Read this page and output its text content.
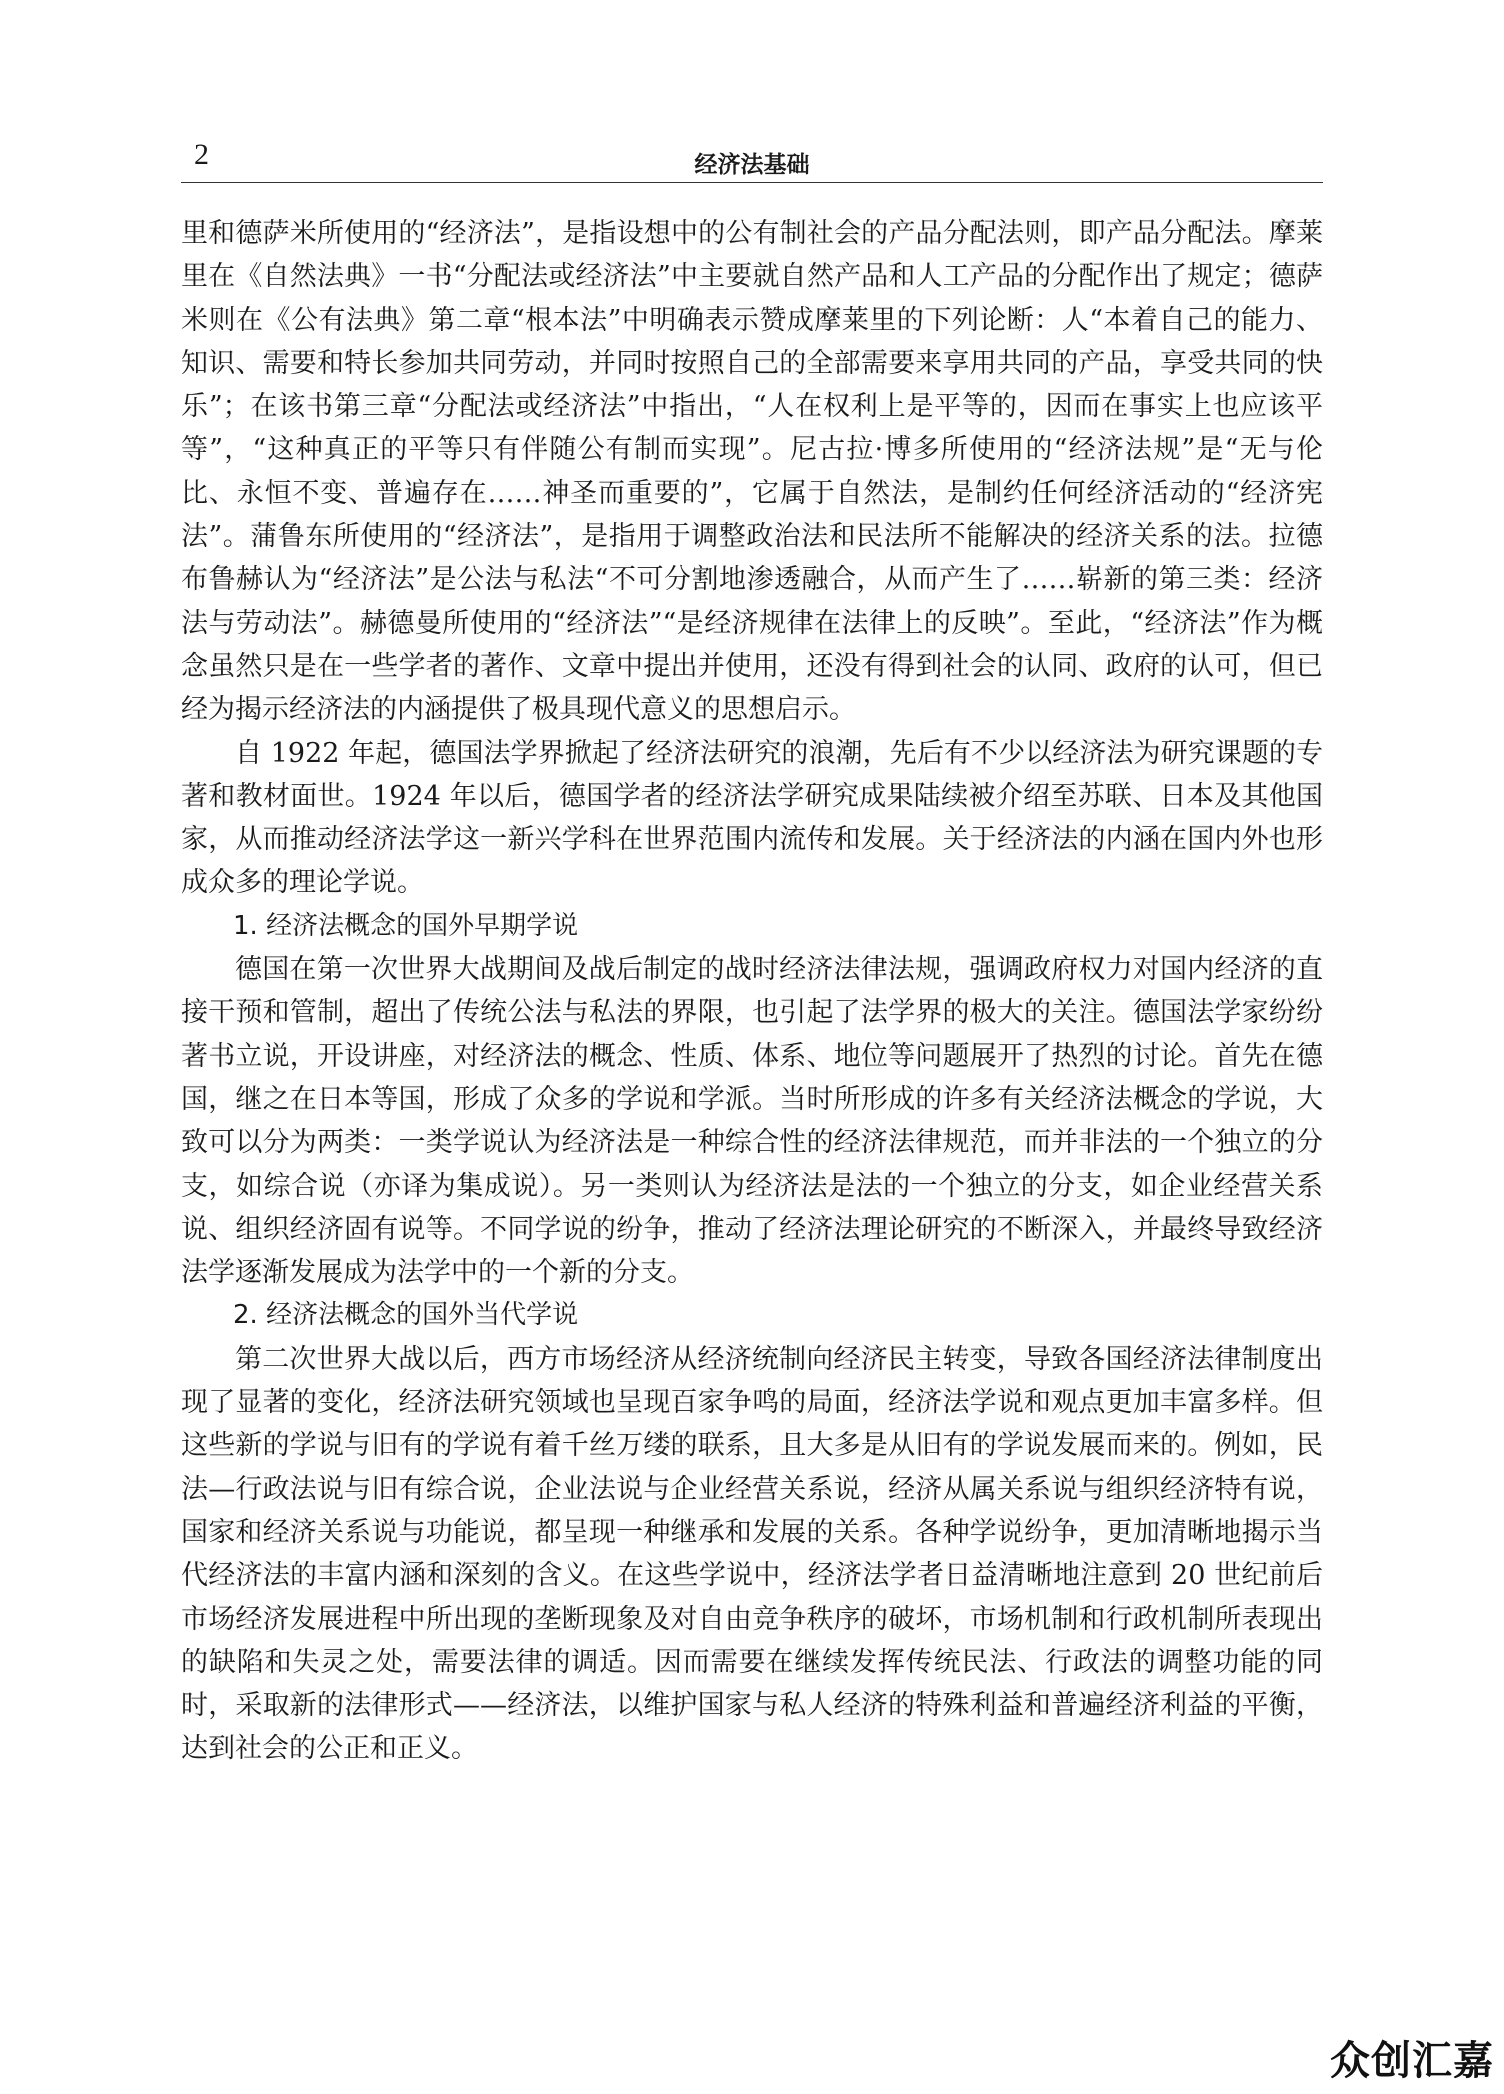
2	经济法基础

里和德萨米所使用的“经济法”，是指设想中的公有制社会的产品分配法则，即产品分配法。摩莱里在《自然法典》一书“分配法或经济法”中主要就自然产品和人工产品的分配作出了规定；德萨米则在《公有法典》第二章“根本法”中明确表示赞成摩莱里的下列论断：人“本着自己的能力、知识、需要和特长参加共同劳动，并同时按照自己的全部需要来享用共同的产品，享受共同的快乐”；在该书第三章“分配法或经济法”中指出，“人在权利上是平等的，因而在事实上也应该平等”，“这种真正的平等只有伴随公有制而实现”。尼古拉·博多所使用的“经济法规”是“无与伦比、永恒不变、普遍存在……神圣而重要的”，它属于自然法，是制约任何经济活动的“经济宪法”。蒲鲁东所使用的“经济法”，是指用于调整政治法和民法所不能解决的经济关系的法。拉德布鲁赫认为“经济法”是公法与私法“不可分割地渗透融合，从而产生了……崭新的第三类：经济法与劳动法”。赫德曼所使用的“经济法”“是经济规律在法律上的反映”。至此，“经济法”作为概念虽然只是在一些学者的著作、文章中提出并使用，还没有得到社会的认同、政府的认可，但已经为揭示经济法的内涵提供了极具现代意义的思想启示。

自 1922 年起，德国法学界掀起了经济法研究的浪潮，先后有不少以经济法为研究课题的专著和教材面世。1924 年以后，德国学者的经济法学研究成果陆续被介绍至苏联、日本及其他国家，从而推动经济法学这一新兴学科在世界范围内流传和发展。关于经济法的内涵在国内外也形成众多的理论学说。

1. 经济法概念的国外早期学说

德国在第一次世界大战期间及战后制定的战时经济法律法规，强调政府权力对国内经济的直接干预和管制，超出了传统公法与私法的界限，也引起了法学界的极大的关注。德国法学家纷纷著书立说，开设讲座，对经济法的概念、性质、体系、地位等问题展开了热烈的讨论。首先在德国，继之在日本等国，形成了众多的学说和学派。当时所形成的许多有关经济法概念的学说，大致可以分为两类：一类学说认为经济法是一种综合性的经济法律规范，而并非法的一个独立的分支，如综合说（亦译为集成说）。另一类则认为经济法是法的一个独立的分支，如企业经营关系说、组织经济固有说等。不同学说的纷争，推动了经济法理论研究的不断深入，并最终导致经济法学逐渐发展成为法学中的一个新的分支。

2. 经济法概念的国外当代学说

第二次世界大战以后，西方市场经济从经济统制向经济民主转变，导致各国经济法律制度出现了显著的变化，经济法研究领域也呈现百家争鸣的局面，经济法学说和观点更加丰富多样。但这些新的学说与旧有的学说有着千丝万缕的联系，且大多是从旧有的学说发展而来的。例如，民法—行政法说与旧有综合说，企业法说与企业经营关系说，经济从属关系说与组织经济特有说，国家和经济关系说与功能说，都呈现一种继承和发展的关系。各种学说纷争，更加清晰地揭示当代经济法的丰富内涵和深刻的含义。在这些学说中，经济法学者日益清晰地注意到 20 世纪前后市场经济发展进程中所出现的垄断现象及对自由竞争秩序的破坏，市场机制和行政机制所表现出的缺陷和失灵之处，需要法律的调适。因而需要在继续发挥传统民法、行政法的调整功能的同时，采取新的法律形式——经济法，以维护国家与私人经济的特殊利益和普遍经济利益的平衡，达到社会的公正和正义。

众创汇嘉
